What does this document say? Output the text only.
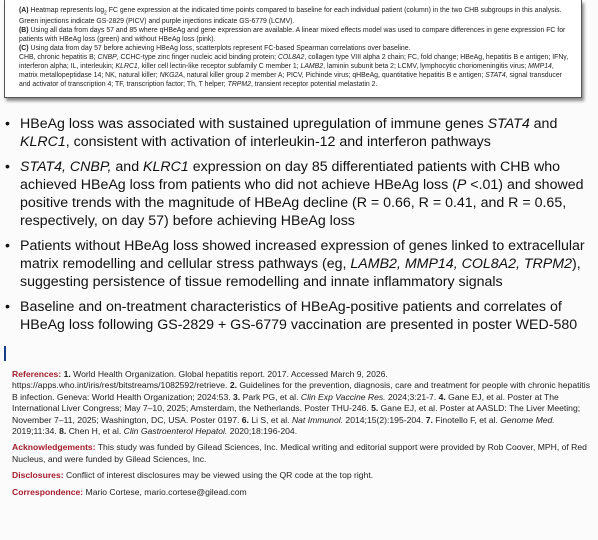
(A) Heatmap represents $\log_2$ FC gene expression at the indicated time points compared to baseline for each individual patient (column) in the two CHB subgroups in this analysis. Green injections indicate GS-2829 (PICV) and purple injections indicate GS-6779 (LCMV).

(B) Using all data from days 57 and 85 where qHBeAg and gene expression are available. A linear mixed effects model was used to compare differences in gene expression FC for patients with HBeAg loss (green) and without HBeAg loss (pink).

(C) Using data from day 57 before achieving HBeAg loss, scatterplots represent FC-based Spearman correlations over baseline.

CHB, chronic hepatitis B; CNBP, CCHC-type zinc finger nucleic acid binding protein; COL8A2, collagen type VIII alpha 2 chain; FC, fold change; HBeAg, hepatitis B e antigen; IFNγ, interferon alpha; IL, interleukin; KLRC1, killer cell lectin-like receptor subfamily C member 1; LAMB2, laminin subunit beta 2; LCMV, lymphocytic choriomeningitis virus; MMP14, matrix metallopeptidase 14; NK, natural killer; NKG2A, natural killer group 2 member A; PICV, Pichinde virus; qHBeAg, quantitative hepatitis B e antigen; STAT4, signal transducer and activator of transcription 4; TF, transcription factor; Th, T helper; TRPM2, transient receptor potential melastatin 2.

• HBeAg loss was associated with sustained upregulation of immune genes STAT4 and KLRC1, consistent with activation of interleukin-12 and interferon pathways
• STAT4, CNBP, and KLRC1 expression on day 85 differentiated patients with CHB who achieved HBeAg loss from patients who did not achieve HBeAg loss (P <.01) and showed positive trends with the magnitude of HBeAg decline (R = 0.66, R = 0.41, and R = 0.65, respectively, on day 57) before achieving HBeAg loss
• Patients without HBeAg loss showed increased expression of genes linked to extracellular matrix remodelling and cellular stress pathways (eg, LAMB2, MMP14, COL8A2, TRPM2), suggesting persistence of tissue remodelling and innate inflammatory signals
• Baseline and on-treatment characteristics of HBeAg-positive patients and correlates of HBeAg loss following GS-2829 + GS-6779 vaccination are presented in poster WED-580

References: 1. World Health Organization. Global hepatitis report. 2017. Accessed March 9, 2026. https://apps.who.int/iris/rest/bitstreams/1082592/retrieve. 2. Guidelines for the prevention, diagnosis, care and treatment for people with chronic hepatitis B infection. Geneva: World Health Organization; 2024:53. 3. Park PG, et al. Clin Exp Vaccine Res. 2024;3:21-7. 4. Gane EJ, et al. Poster at The International Liver Congress; May 7–10, 2025; Amsterdam, the Netherlands. Poster THU-246. 5. Gane EJ, et al. Poster at AASLD: The Liver Meeting; November 7–11, 2025; Washington, DC, USA. Poster 0197. 6. Li S, et al. Nat Immunol. 2014;15(2):195-204. 7. Finotello F, et al. Genome Med. 2019;11:34. 8. Chen H, et al. Clin Gastroenterol Hepatol. 2020;18:196-204.

Acknowledgements: This study was funded by Gilead Sciences, Inc. Medical writing and editorial support were provided by Rob Coover, MPH, of Red Nucleus, and were funded by Gilead Sciences, Inc.

Disclosures: Conflict of interest disclosures may be viewed using the QR code at the top right.

Correspondence: Mario Cortese, mario.cortese@gilead.com
